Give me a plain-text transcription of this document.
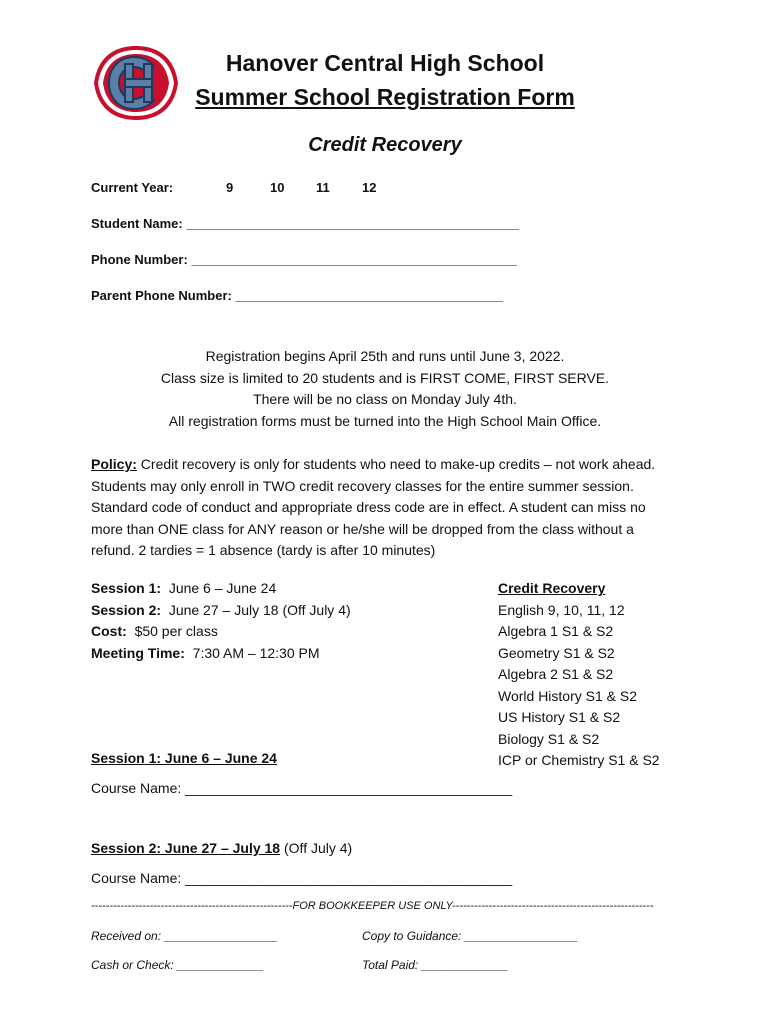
Hanover Central High School
Summer School Registration Form
Credit Recovery
Current Year:	9	10 11 12
Student Name: ______________________________________________
Phone Number: _____________________________________________
Parent Phone Number: _____________________________________
Registration begins April 25th and runs until June 3, 2022.
Class size is limited to 20 students and is FIRST COME, FIRST SERVE.
There will be no class on Monday July 4th.
All registration forms must be turned into the High School Main Office.
Policy: Credit recovery is only for students who need to make-up credits – not work ahead. Students may only enroll in TWO credit recovery classes for the entire summer session. Standard code of conduct and appropriate dress code are in effect. A student can miss no more than ONE class for ANY reason or he/she will be dropped from the class without a refund. 2 tardies = 1 absence (tardy is after 10 minutes)
Session 1: June 6 – June 24
Session 2: June 27 – July 18 (Off July 4)
Cost: $50 per class
Meeting Time: 7:30 AM – 12:30 PM
Credit Recovery
English 9, 10, 11, 12
Algebra 1 S1 & S2
Geometry S1 & S2
Algebra 2 S1 & S2
World History S1 & S2
US History S1 & S2
Biology S1 & S2
ICP or Chemistry S1 & S2
Session 1: June 6 – June 24
Course Name: __________________________________________
Session 2: June 27 – July 18 (Off July 4)
Course Name: __________________________________________
-------------------------------------------------------FOR BOOKKEEPER USE ONLY-------------------------------------------------------
Received on: _________________	Copy to Guidance: _________________
Cash or Check: _____________	Total Paid: _____________
